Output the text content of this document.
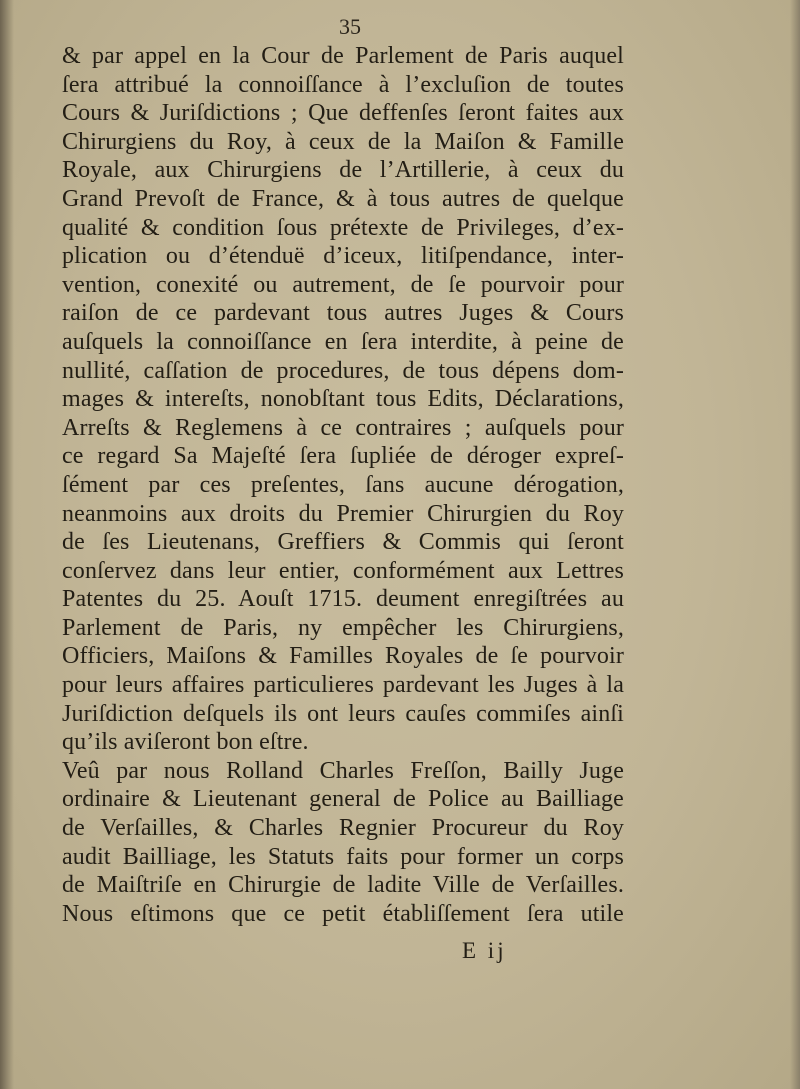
35
& par appel en la Cour de Parlement de Paris auquel
ſera attribué la connoiſſance à l’excluſion de toutes
Cours & Juriſdictions ; Que deffenſes ſeront faites aux
Chirurgiens du Roy, à ceux de la Maiſon & Famille
Royale, aux Chirurgiens de l’Artillerie, à ceux du
Grand Prevoſt de France, & à tous autres de quelque
qualité & condition ſous prétexte de Privileges, d’ex-
plication ou d’étenduë d’iceux, litiſpendance, inter-
vention, conexité ou autrement, de ſe pourvoir pour
raiſon de ce pardevant tous autres Juges & Cours
auſquels la connoiſſance en ſera interdite, à peine de
nullité, caſſation de procedures, de tous dépens dom-
mages & intereſts, nonobſtant tous Edits, Déclarations,
Arreſts & Reglemens à ce contraires ; auſquels pour
ce regard Sa Majeſté ſera ſupliée de déroger expreſ-
ſément par ces preſentes, ſans aucune dérogation,
neanmoins aux droits du Premier Chirurgien du Roy
de ſes Lieutenans, Greffiers & Commis qui ſeront
conſervez dans leur entier, conformément aux Lettres
Patentes du 25. Aouſt 1715. deument enregiſtrées au
Parlement de Paris, ny empêcher les Chirurgiens,
Officiers, Maiſons & Familles Royales de ſe pourvoir
pour leurs affaires particulieres pardevant les Juges à la
Juriſdiction deſquels ils ont leurs cauſes commiſes ainſi
qu’ils aviſeront bon eſtre.
Veû par nous Rolland Charles Freſſon, Bailly Juge
ordinaire & Lieutenant general de Police au Bailliage
de Verſailles, & Charles Regnier Procureur du Roy
audit Bailliage, les Statuts faits pour former un corps
de Maiſtriſe en Chirurgie de ladite Ville de Verſailles.
Nous eſtimons que ce petit établiſſement ſera utile
E ij
